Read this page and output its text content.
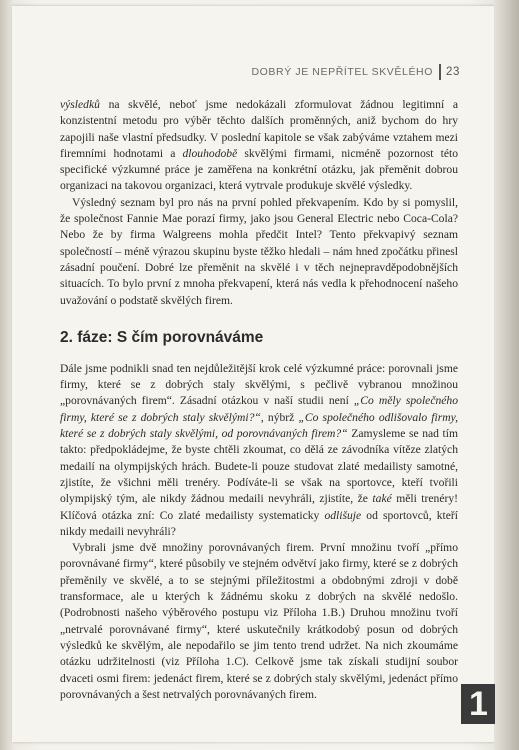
DOBRÝ JE NEPŘÍTEL SKVĚLÉHO 23

výsledků na skvělé, neboť jsme nedokázali zformulovat žádnou legitimní a konzistentní metodu pro výběr těchto dalších proměnných, aniž bychom do hry zapojili naše vlastní předsudky. V poslední kapitole se však zabýváme vztahem mezi firemními hodnotami a dlouhodobě skvělými firmami, nicméně pozornost této specifické výzkumné práce je zaměřena na konkrétní otázku, jak přeměnit dobrou organizaci na takovou organizaci, která vytrvale produkuje skvělé výsledky.

Výsledný seznam byl pro nás na první pohled překvapením. Kdo by si pomyslil, že společnost Fannie Mae porazí firmy, jako jsou General Electric nebo Coca-Cola? Nebo že by firma Walgreens mohla předčit Intel? Tento překvapivý seznam společností – méně výrazou skupinu byste těžko hledali – nám hned zpočátku přinesl zásadní poučení. Dobré lze přeměnit na skvělé i v těch nejnepravděpodobnějších situacích. To bylo první z mnoha překvapení, která nás vedla k přehodnocení našeho uvažování o podstatě skvělých firem.

2. fáze: S čím porovnáváme

Dále jsme podnikli snad ten nejdůležitější krok celé výzkumné práce: porovnali jsme firmy, které se z dobrých staly skvělými, s pečlivě vybranou množinou „porovnávaných firem“. Zásadní otázkou v naší studii není „Co měly společného firmy, které se z dobrých staly skvělými?“, nýbrž „Co společného odlišovalo firmy, které se z dobrých staly skvělými, od porovnávaných firem?“ Zamysleme se nad tím takto: předpokládejme, že byste chtěli zkoumat, co dělá ze závodníka vítěze zlatých medailí na olympijských hrách. Budete-li pouze studovat zlaté medailisty samotné, zjistíte, že všichni měli trenéry. Podíváte-li se však na sportovce, kteří tvořili olympijský tým, ale nikdy žádnou medaili nevyhráli, zjistíte, že také měli trenéry! Klíčová otázka zní: Co zlaté medailisty systematicky odlišuje od sportovců, kteří nikdy medaili nevyhráli?

Vybrali jsme dvě množiny porovnávaných firem. První množinu tvoří „přímo porovnávané firmy“, které působily ve stejném odvětví jako firmy, které se z dobrých přeměnily ve skvělé, a to se stejnými příležitostmi a obdobnými zdroji v době transformace, ale u kterých k žádnému skoku z dobrých na skvělé nedošlo. (Podrobnosti našeho výběrového postupu viz Příloha 1.B.) Druhou množinu tvoří „netrvalé porovnávané firmy“, které uskutečnily krátkodobý posun od dobrých výsledků ke skvělým, ale nepodařilo se jim tento trend udržet. Na nich zkoumáme otázku udržitelnosti (viz Příloha 1.C). Celkově jsme tak získali studijní soubor dvaceti osmi firem: jedenáct firem, které se z dobrých staly skvělými, jedenáct přímo porovnávaných a šest netrvalých porovnávaných firem.	1
